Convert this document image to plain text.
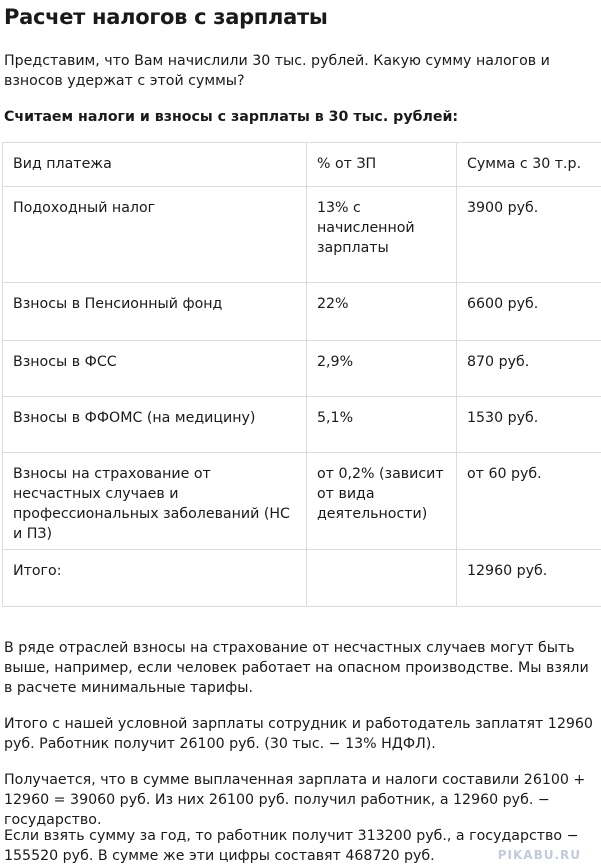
Расчет налогов с зарплаты

Представим, что Вам начислили 30 тыс. рублей. Какую сумму налогов и взносов удержат с этой суммы?

Считаем налоги и взносы с зарплаты в 30 тыс. рублей:

Вид платежа	% от ЗП	Сумма с 30 т.р.
Подоходный налог	13% с начисленной зарплаты	3900 руб.
Взносы в Пенсионный фонд	22%	6600 руб.
Взносы в ФСС	2,9%	870 руб.
Взносы в ФФОМС (на медицину)	5,1%	1530 руб.
Взносы на страхование от несчастных случаев и профессиональных заболеваний (НС и ПЗ)	от 0,2% (зависит от вида деятельности)	от 60 руб.
Итого:		12960 руб.

В ряде отраслей взносы на страхование от несчастных случаев могут быть выше, например, если человек работает на опасном производстве. Мы взяли в расчете минимальные тарифы.

Итого с нашей условной зарплаты сотрудник и работодатель заплатят 12960 руб. Работник получит 26100 руб. (30 тыс. − 13% НДФЛ).

Получается, что в сумме выплаченная зарплата и налоги составили 26100 + 12960 = 39060 руб. Из них 26100 руб. получил работник, а 12960 руб. − государство.

Если взять сумму за год, то работник получит 313200 руб., а государство − 155520 руб. В сумме же эти цифры составят 468720 руб.	PIKABU.RU
